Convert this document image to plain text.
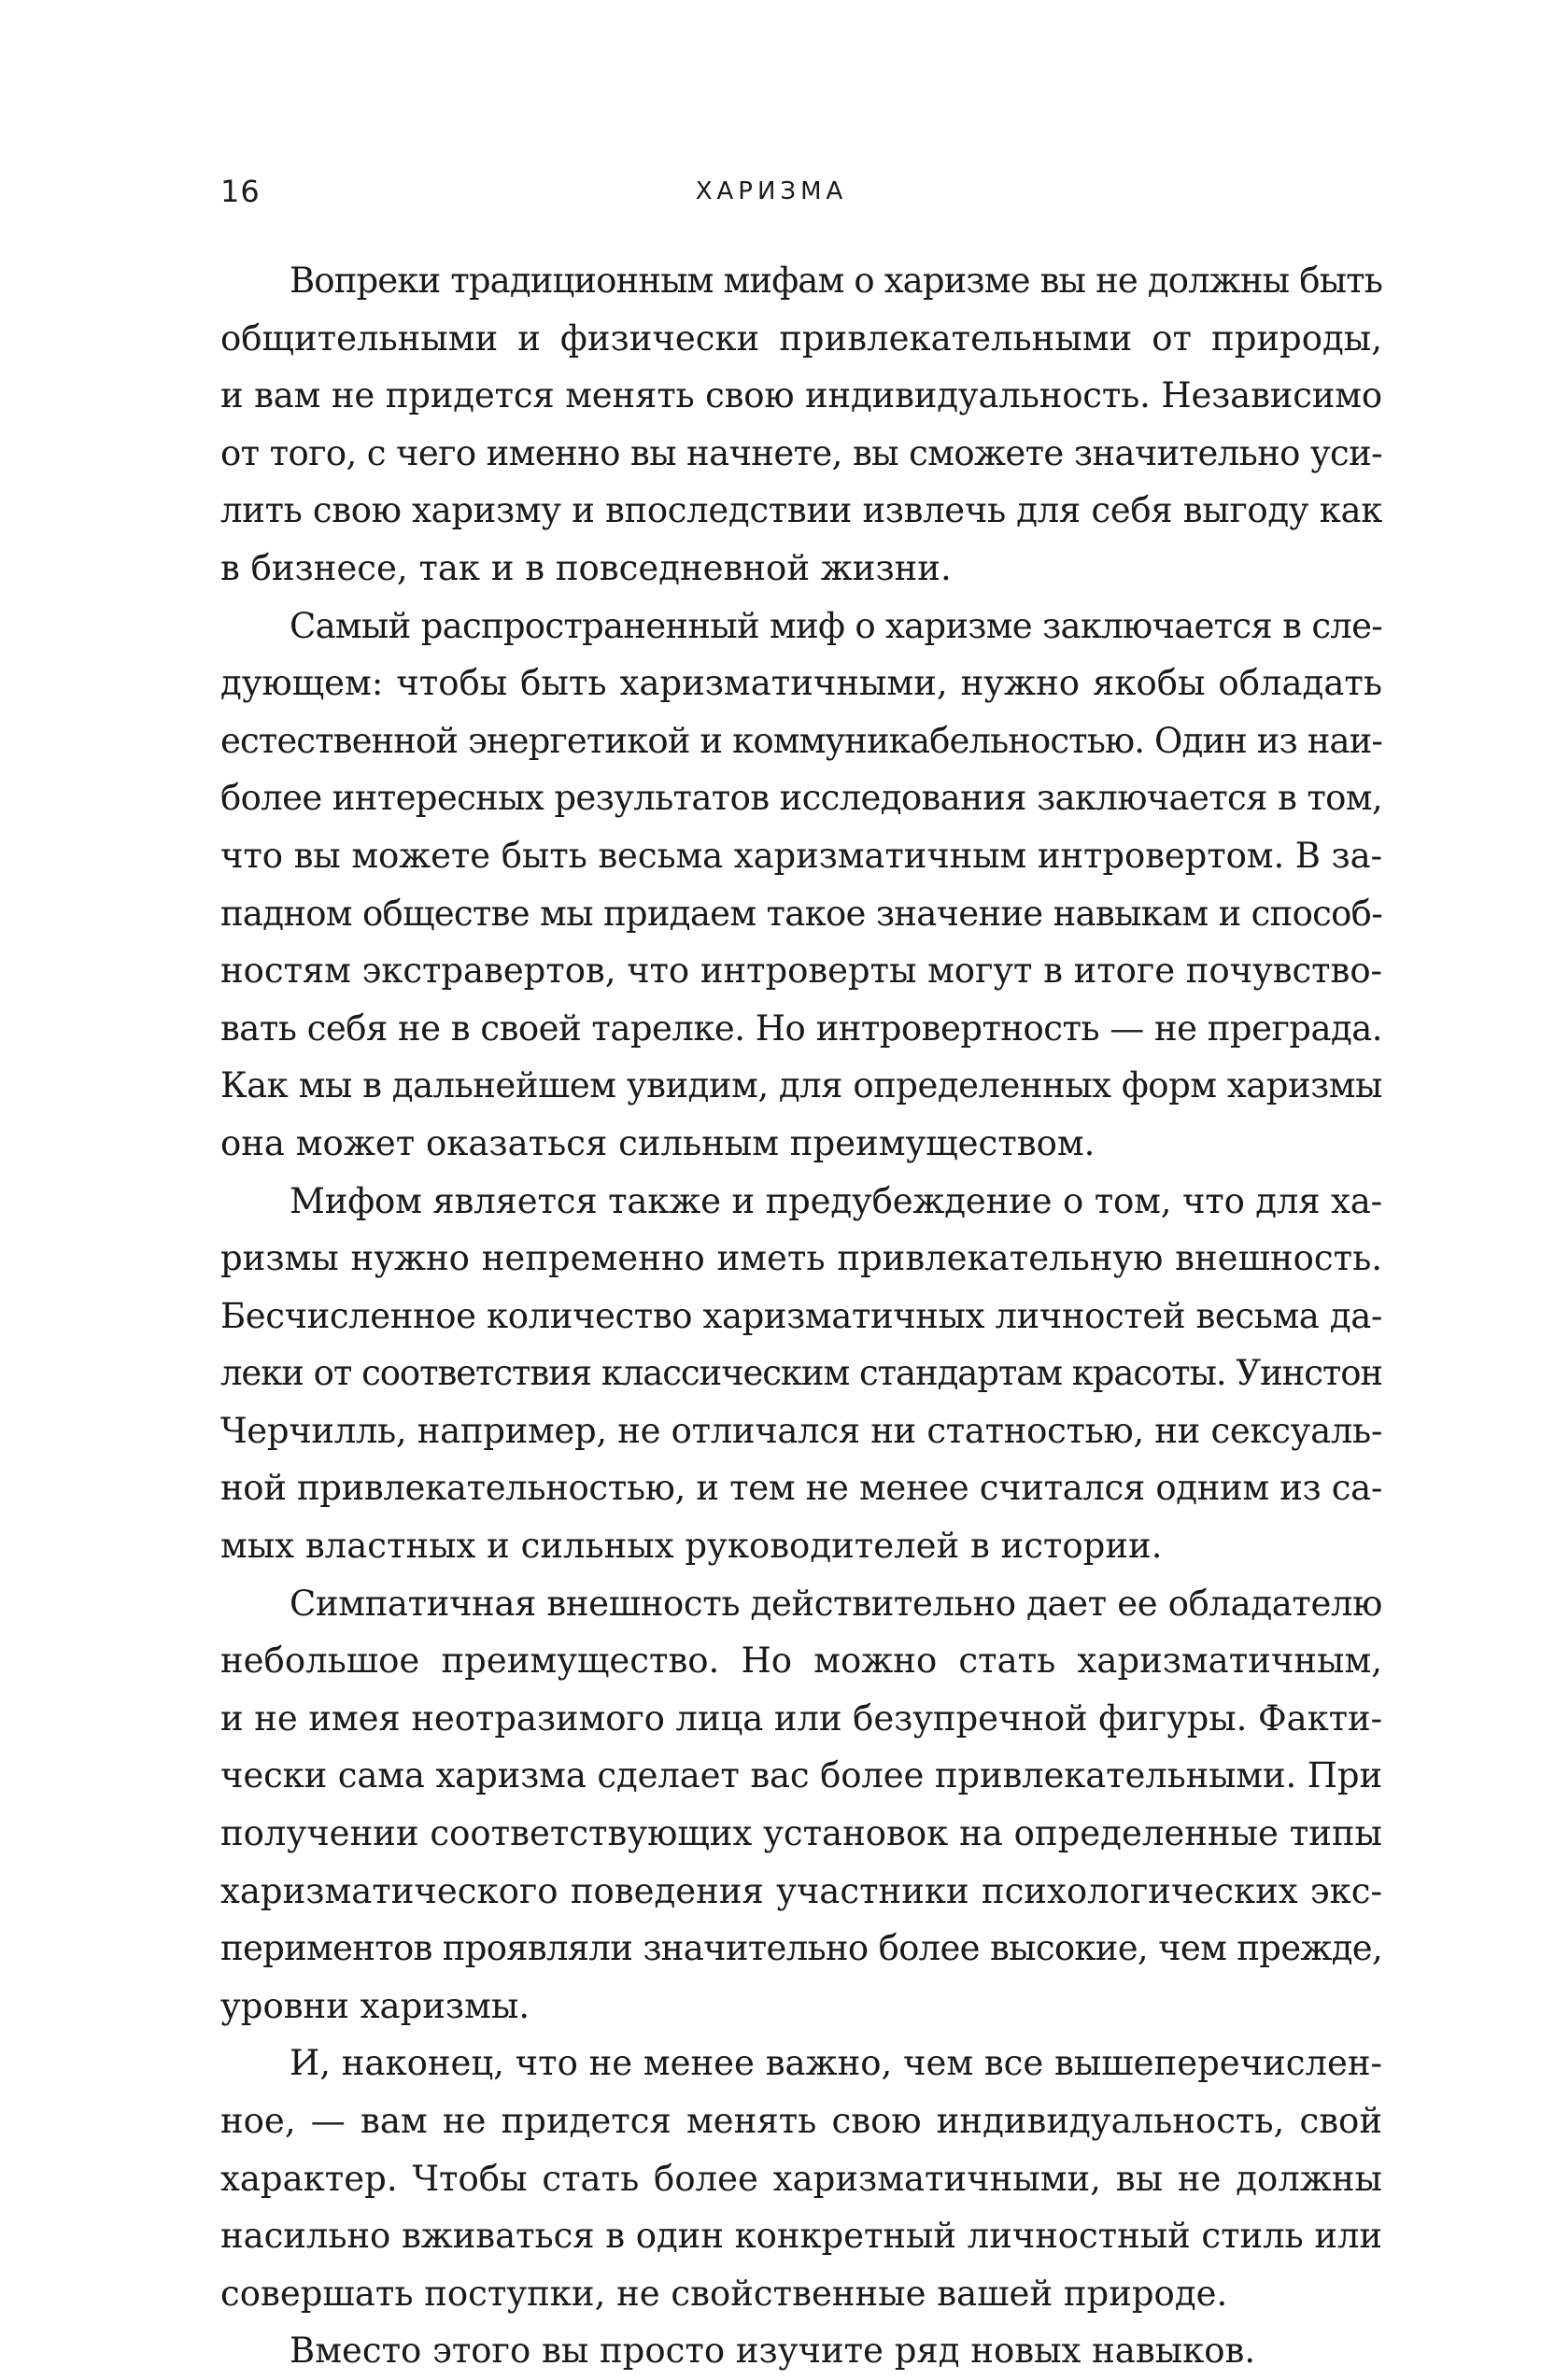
16	ХАРИЗМА
Вопреки традиционным мифам о харизме вы не должны быть
общительными и физически привлекательными от природы,
и вам не придется менять свою индивидуальность. Независимо
от того, с чего именно вы начнете, вы сможете значительно уси-
лить свою харизму и впоследствии извлечь для себя выгоду как
в бизнесе, так и в повседневной жизни.
Самый распространенный миф о харизме заключается в сле-
дующем: чтобы быть харизматичными, нужно якобы обладать
естественной энергетикой и коммуникабельностью. Один из наи-
более интересных результатов исследования заключается в том,
что вы можете быть весьма харизматичным интровертом. В за-
падном обществе мы придаем такое значение навыкам и способ-
ностям экстравертов, что интроверты могут в итоге почувство-
вать себя не в своей тарелке. Но интровертность — не преграда.
Как мы в дальнейшем увидим, для определенных форм харизмы
она может оказаться сильным преимуществом.
Мифом является также и предубеждение о том, что для ха-
ризмы нужно непременно иметь привлекательную внешность.
Бесчисленное количество харизматичных личностей весьма да-
леки от соответствия классическим стандартам красоты. Уинстон
Черчилль, например, не отличался ни статностью, ни сексуаль-
ной привлекательностью, и тем не менее считался одним из са-
мых властных и сильных руководителей в истории.
Симпатичная внешность действительно дает ее обладателю
небольшое преимущество. Но можно стать харизматичным,
и не имея неотразимого лица или безупречной фигуры. Факти-
чески сама харизма сделает вас более привлекательными. При
получении соответствующих установок на определенные типы
харизматического поведения участники психологических экс-
периментов проявляли значительно более высокие, чем прежде,
уровни харизмы.
И, наконец, что не менее важно, чем все вышеперечислен-
ное, — вам не придется менять свою индивидуальность, свой
характер. Чтобы стать более харизматичными, вы не должны
насильно вживаться в один конкретный личностный стиль или
совершать поступки, не свойственные вашей природе.
Вместо этого вы просто изучите ряд новых навыков.
